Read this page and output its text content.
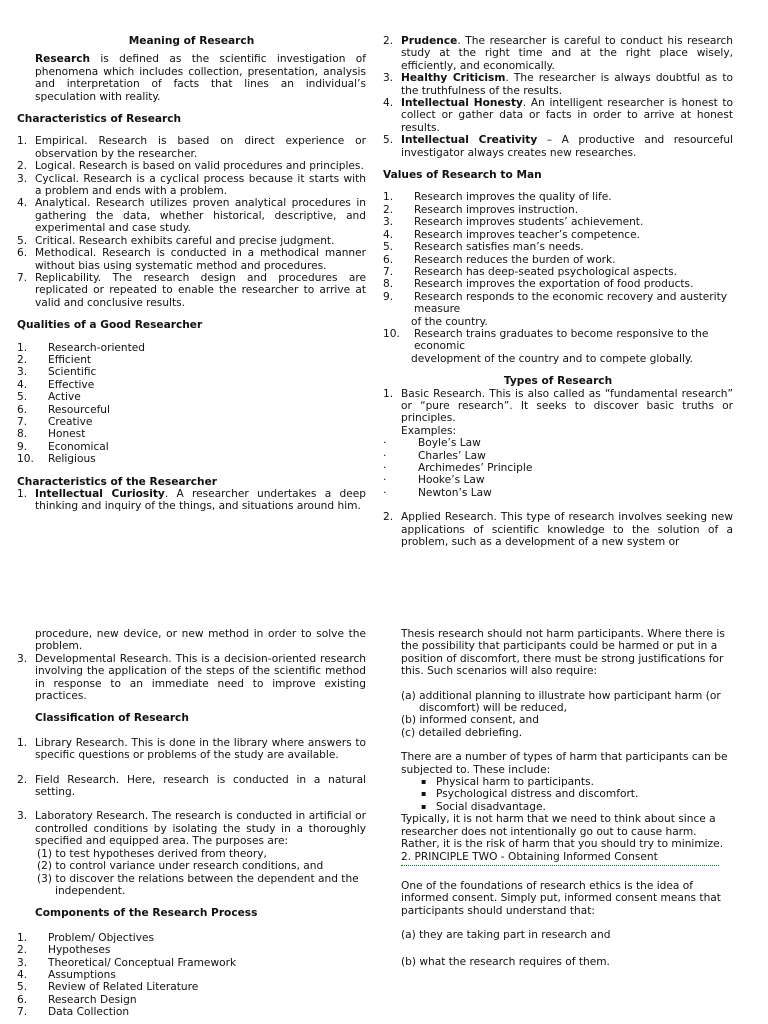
Meaning of Research
Research is defined as the scientific investigation of phenomena which includes collection, presentation, analysis and interpretation of facts that lines an individual’s speculation with reality.
Characteristics of Research
1. Empirical. Research is based on direct experience or observation by the researcher.
2. Logical. Research is based on valid procedures and principles.
3. Cyclical. Research is a cyclical process because it starts with a problem and ends with a problem.
4. Analytical. Research utilizes proven analytical procedures in gathering the data, whether historical, descriptive, and experimental and case study.
5. Critical. Research exhibits careful and precise judgment.
6. Methodical. Research is conducted in a methodical manner without bias using systematic method and procedures.
7. Replicability. The research design and procedures are replicated or repeated to enable the researcher to arrive at valid and conclusive results.
Qualities of a Good Researcher
1.	Research-oriented
2.	Efficient
3.	Scientific
4.	Effective
5.	Active
6.	Resourceful
7.	Creative
8.	Honest
9.	Economical
10.	Religious
Characteristics of the Researcher
1. Intellectual Curiosity. A researcher undertakes a deep thinking and inquiry of the things, and situations around him.
2. Prudence. The researcher is careful to conduct his research study at the right time and at the right place wisely, efficiently, and economically.
3. Healthy Criticism. The researcher is always doubtful as to the truthfulness of the results.
4. Intellectual Honesty. An intelligent researcher is honest to collect or gather data or facts in order to arrive at honest results.
5. Intellectual Creativity – A productive and resourceful investigator always creates new researches.
Values of Research to Man
1.	Research improves the quality of life.
2.	Research improves instruction.
3.	Research improves students’ achievement.
4.	Research improves teacher’s competence.
5.	Research satisfies man’s needs.
6.	Research reduces the burden of work.
7.	Research has deep-seated psychological aspects.
8.	Research improves the exportation of food products.
9.	Research responds to the economic recovery and austerity measure
of the country.
10.	Research trains graduates to become responsive to the economic
development of the country and to compete globally.
Types of Research
1. Basic Research. This is also called as “fundamental research” or “pure research”. It seeks to discover basic truths or principles.
Examples:
·	Boyle’s Law
·	Charles’ Law
·	Archimedes’ Principle
·	Hooke’s Law
·	Newton’s Law
2. Applied Research. This type of research involves seeking new applications of scientific knowledge to the solution of a problem, such as a development of a new system or
procedure, new device, or new method in order to solve the problem.
3. Developmental Research. This is a decision-oriented research involving the application of the steps of the scientific method in response to an immediate need to improve existing practices.
Classification of Research
1. Library Research. This is done in the library where answers to specific questions or problems of the study are available.
2. Field Research. Here, research is conducted in a natural setting.
3. Laboratory Research. The research is conducted in artificial or controlled conditions by isolating the study in a thoroughly specified and equipped area. The purposes are:
(1) to test hypotheses derived from theory,
(2) to control variance under research conditions, and
(3) to discover the relations between the dependent and the
independent.
Components of the Research Process
1.	Problem/ Objectives
2.	Hypotheses
3.	Theoretical/ Conceptual Framework
4.	Assumptions
5.	Review of Related Literature
6.	Research Design
7.	Data Collection
Thesis research should not harm participants. Where there is the possibility that participants could be harmed or put in a position of discomfort, there must be strong justifications for this. Such scenarios will also require:
(a) additional planning to illustrate how participant harm (or
discomfort) will be reduced,
(b) informed consent, and
(c) detailed debriefing.
There are a number of types of harm that participants can be subjected to. These include:
▪ Physical harm to participants.
▪ Psychological distress and discomfort.
▪ Social disadvantage.
Typically, it is not harm that we need to think about since a researcher does not intentionally go out to cause harm. Rather, it is the risk of harm that you should try to minimize.
2. PRINCIPLE TWO - Obtaining Informed Consent
One of the foundations of research ethics is the idea of informed consent. Simply put, informed consent means that participants should understand that:
(a) they are taking part in research and
(b) what the research requires of them.
